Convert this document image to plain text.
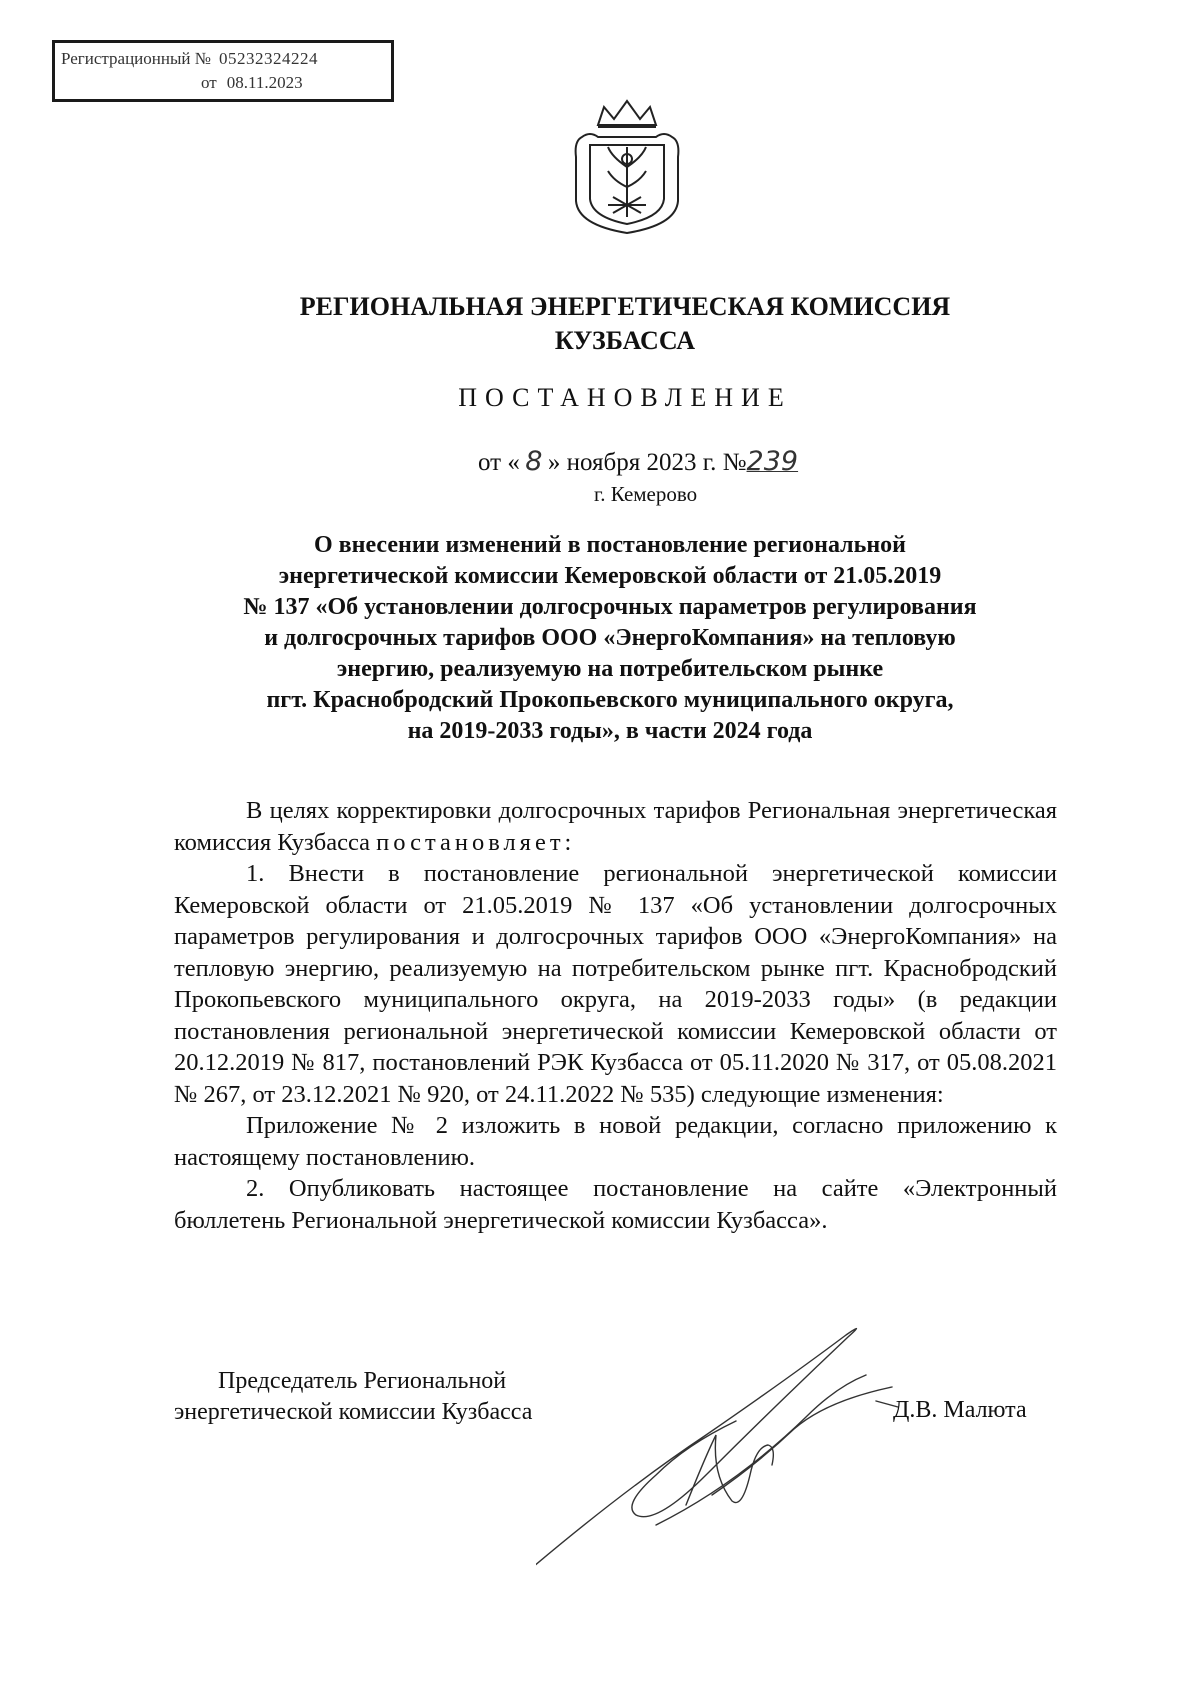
Регистрационный № 05232324224
от 08.11.2023
РЕГИОНАЛЬНАЯ ЭНЕРГЕТИЧЕСКАЯ КОМИССИЯ
КУЗБАССА
ПОСТАНОВЛЕНИЕ
от « 8 » ноября 2023 г. №239
г. Кемерово
О внесении изменений в постановление региональной
энергетической комиссии Кемеровской области от 21.05.2019
№ 137 «Об установлении долгосрочных параметров регулирования
и долгосрочных тарифов ООО «ЭнергоКомпания» на тепловую
энергию, реализуемую на потребительском рынке
пгт. Краснобродский Прокопьевского муниципального округа,
на 2019-2033 годы», в части 2024 года

В целях корректировки долгосрочных тарифов Региональная энергетическая комиссия Кузбасса постановляет:

1. Внести в постановление региональной энергетической комиссии Кемеровской области от 21.05.2019 № 137 «Об установлении долгосрочных параметров регулирования и долгосрочных тарифов ООО «ЭнергоКомпания» на тепловую энергию, реализуемую на потребительском рынке пгт. Краснобродский Прокопьевского муниципального округа, на 2019-2033 годы» (в редакции постановления региональной энергетической комиссии Кемеровской области от 20.12.2019 № 817, постановлений РЭК Кузбасса от 05.11.2020 № 317, от 05.08.2021 № 267, от 23.12.2021 № 920, от 24.11.2022 № 535) следующие изменения:

Приложение № 2 изложить в новой редакции, согласно приложению к настоящему постановлению.

2. Опубликовать настоящее постановление на сайте «Электронный бюллетень Региональной энергетической комиссии Кузбасса».

Председатель Региональной
энергетической комиссии Кузбасса	Д.В. Малюта
